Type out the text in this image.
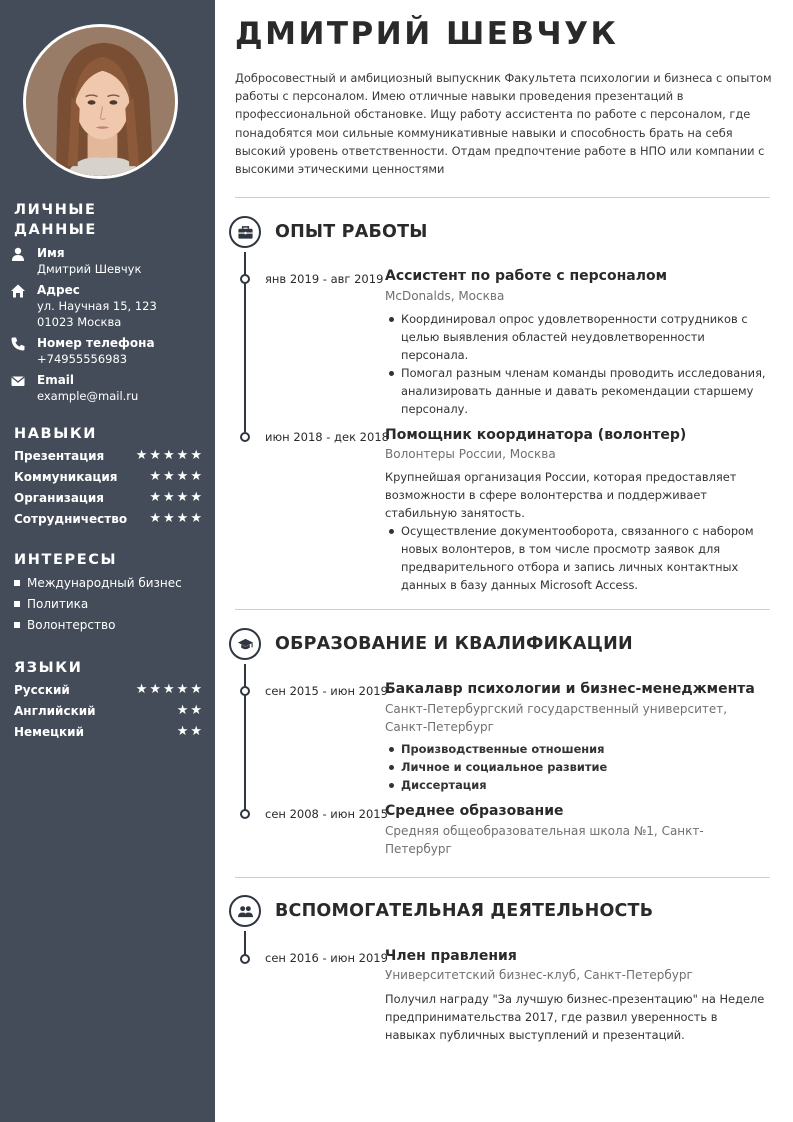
ЛИЧНЫЕ
ДАННЫЕ
Имя
Дмитрий Шевчук
Адрес
ул. Научная 15, 123
01023 Москва
Номер телефона
+74955556983
Email
example@mail.ru
НАВЫКИ
Презентация ★★★★★
Коммуникация ★★★★
Организация	★★★★
Сотрудничество ★★★★
ИНТЕРЕСЫ
Международный бизнес
Политика
Волонтерство
ЯЗЫКИ
Русский	★★★★★
Английский	★★
Немецкий	★★
ДМИТРИЙ ШЕВЧУК

Добросовестный и амбициозный выпускник Факультета психологии и бизнеса с опытом работы с персоналом. Имею отличные навыки проведения презентаций в профессиональной обстановке. Ищу работу ассистента по работе с персоналом, где понадобятся мои сильные коммуникативные навыки и способность брать на себя высокий уровень ответственности. Отдам предпочтение работе в НПО или компании с высокими этическими ценностями

ОПЫТ РАБОТЫ
янв 2019 - авг 2019 Ассистент по работе с персоналом
McDonalds, Москва
Координировал опрос удовлетворенности сотрудников с целью выявления областей неудовлетворенности персонала.
Помогал разным членам команды проводить исследования, анализировать данные и давать рекомендации старшему персоналу.
июн 2018 - дек 2018
Помощник координатора (волонтер)
Волонтеры России, Москва
Крупнейшая организация России, которая предоставляет возможности в сфере волонтерства и поддерживает стабильную занятость.
Осуществление документооборота, связанного с набором новых волонтеров, в том числе просмотр заявок для предварительного отбора и запись личных контактных данных в базу данных Microsoft Access.
ОБРАЗОВАНИЕ И КВАЛИФИКАЦИИ
сен 2015 - июн 2019
Бакалавр психологии и бизнес-менеджмента
Санкт-Петербургский государственный университет, Санкт-Петербург
Производственные отношения
Личное и социальное развитие
Диссертация
сен 2008 - июн 2015
Среднее образование
Средняя общеобразовательная школа №1, Санкт-Петербург
ВСПОМОГАТЕЛЬНАЯ ДЕЯТЕЛЬНОСТЬ
сен 2016 - июн 2019
Член правления
Университетский бизнес-клуб, Санкт-Петербург
Получил награду "За лучшую бизнес-презентацию" на Неделе предпринимательства 2017, где развил уверенность в навыках публичных выступлений и презентаций.
